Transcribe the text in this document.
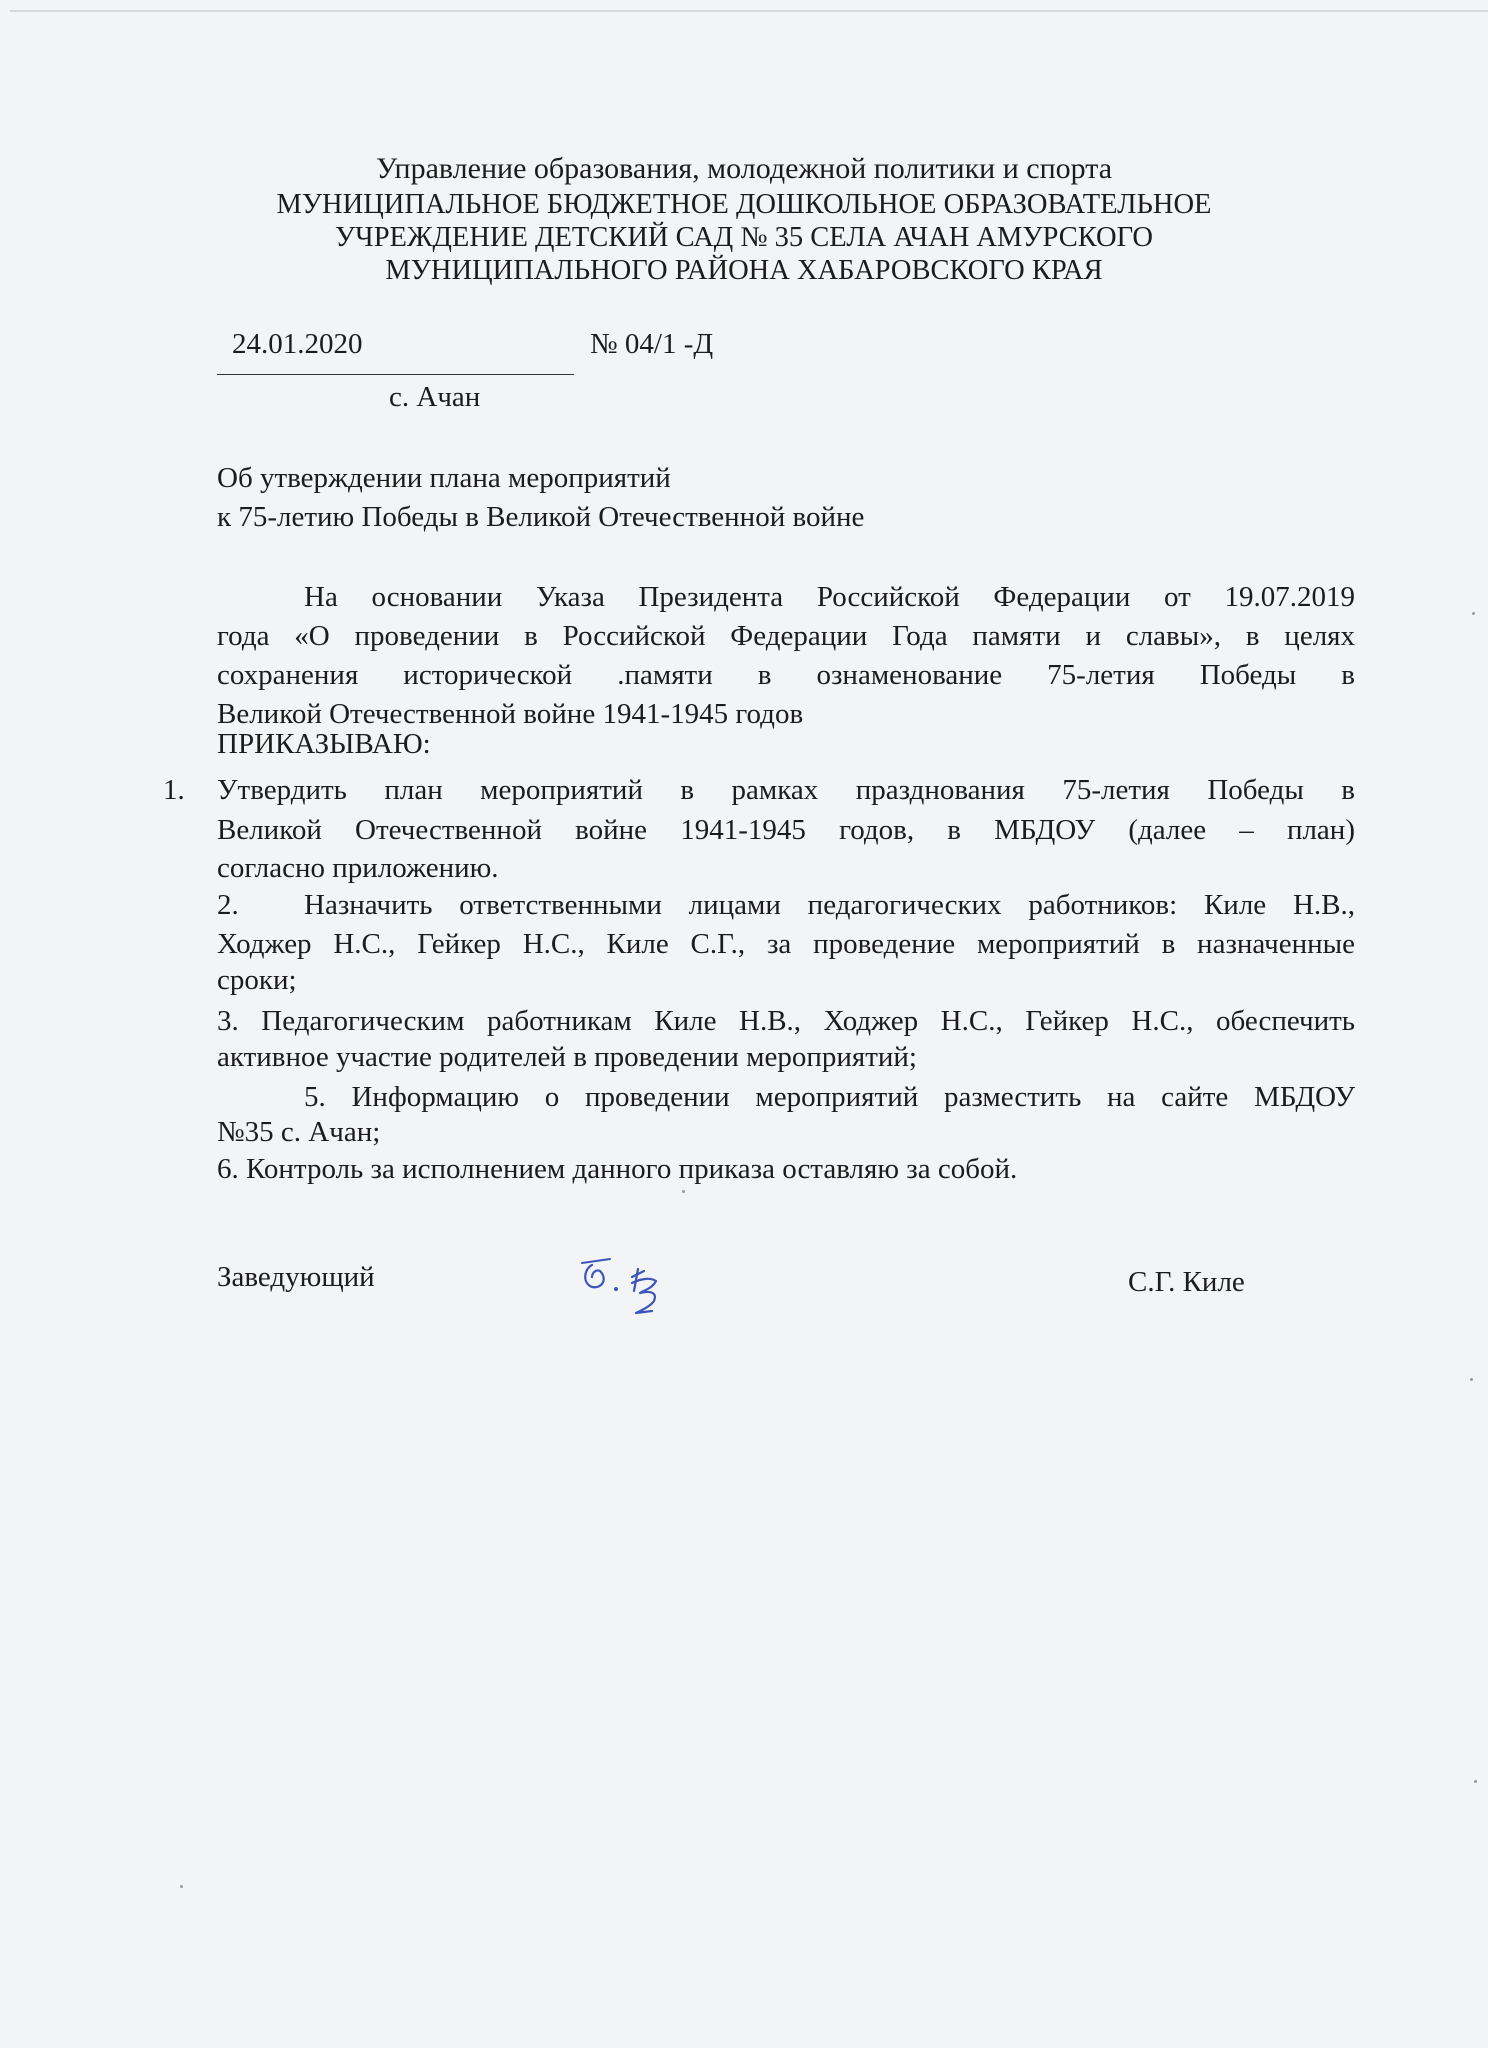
Управление образования, молодежной политики и спорта
МУНИЦИПАЛЬНОЕ БЮДЖЕТНОЕ ДОШКОЛЬНОЕ ОБРАЗОВАТЕЛЬНОЕ
УЧРЕЖДЕНИЕ ДЕТСКИЙ САД № 35 СЕЛА АЧАН АМУРСКОГО
МУНИЦИПАЛЬНОГО РАЙОНА ХАБАРОВСКОГО КРАЯ
24.01.2020	№ 04/1 -Д
с. Ачан
Об утверждении плана мероприятий
к 75-летию Победы в Великой Отечественной войне
На основании Указа Президента Российской Федерации от 19.07.2019
года «О проведении в Российской Федерации Года памяти и славы», в целях
сохранения исторической .памяти в ознаменование 75-летия Победы в
Великой Отечественной войне 1941-1945 годов
ПРИКАЗЫВАЮ:
1. Утвердить план мероприятий в рамках празднования 75-летия Победы в
Великой Отечественной войне 1941-1945 годов, в МБДОУ (далее – план)
согласно приложению.
2. Назначить ответственными лицами педагогических работников: Киле Н.В.,
Ходжер Н.С., Гейкер Н.С., Киле С.Г., за проведение мероприятий в назначенные
сроки;
3. Педагогическим работникам Киле Н.В., Ходжер Н.С., Гейкер Н.С., обеспечить
активное участие родителей в проведении мероприятий;
5. Информацию о проведении мероприятий разместить на сайте МБДОУ
№35 с. Ачан;
6. Контроль за исполнением данного приказа оставляю за собой.
Заведующий	С.Г. Киле
